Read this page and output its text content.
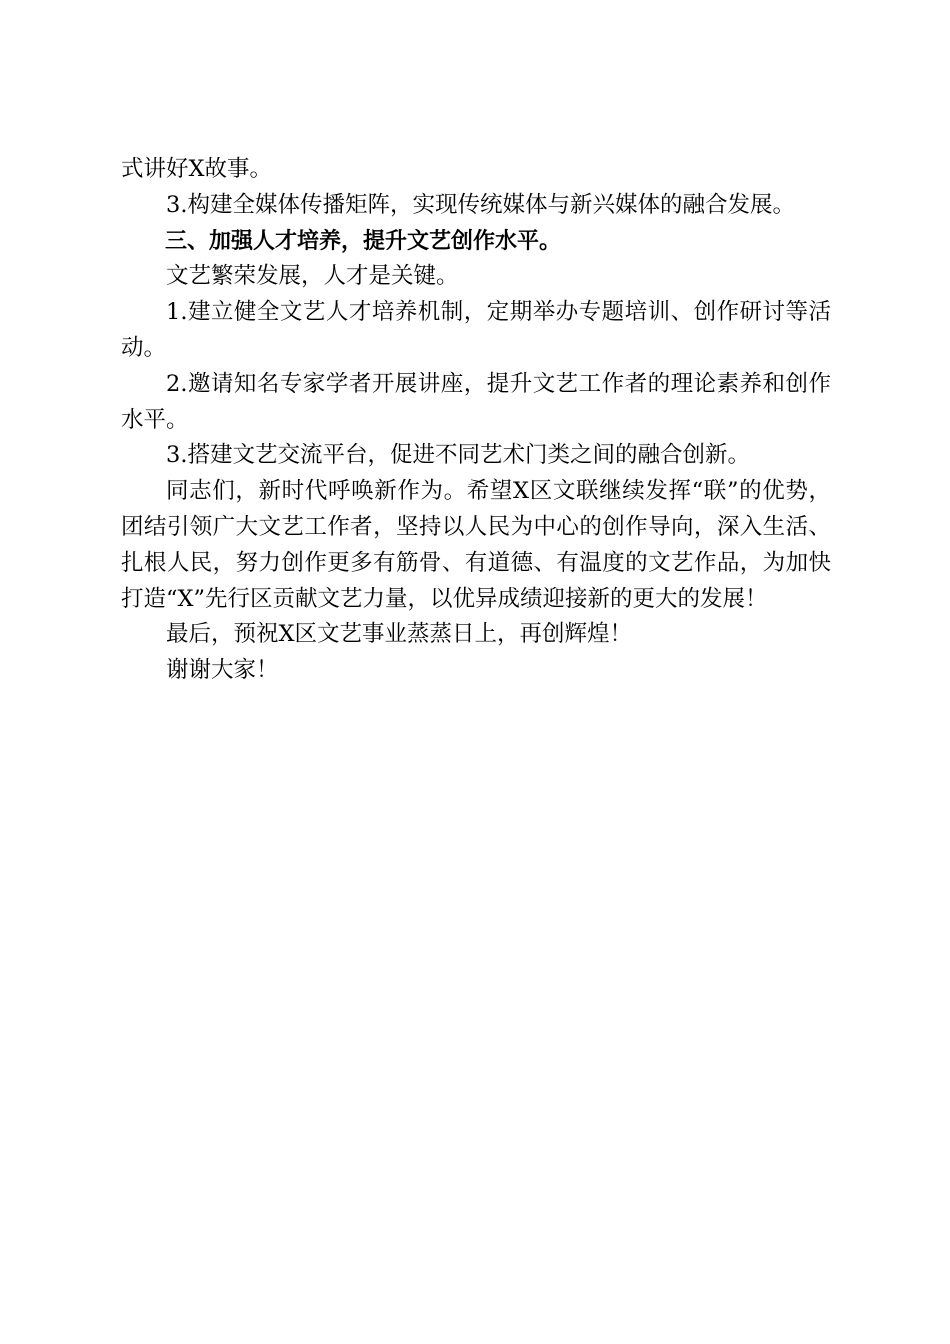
式讲好X故事。

3.构建全媒体传播矩阵，实现传统媒体与新兴媒体的融合发展。

三、加强人才培养，提升文艺创作水平。

文艺繁荣发展，人才是关键。

1.建立健全文艺人才培养机制，定期举办专题培训、创作研讨等活动。

2.邀请知名专家学者开展讲座，提升文艺工作者的理论素养和创作水平。

3.搭建文艺交流平台，促进不同艺术门类之间的融合创新。

同志们，新时代呼唤新作为。希望X区文联继续发挥“联”的优势，团结引领广大文艺工作者，坚持以人民为中心的创作导向，深入生活、扎根人民，努力创作更多有筋骨、有道德、有温度的文艺作品，为加快打造“X”先行区贡献文艺力量，以优异成绩迎接新的更大的发展！

最后，预祝X区文艺事业蒸蒸日上，再创辉煌！

谢谢大家！
